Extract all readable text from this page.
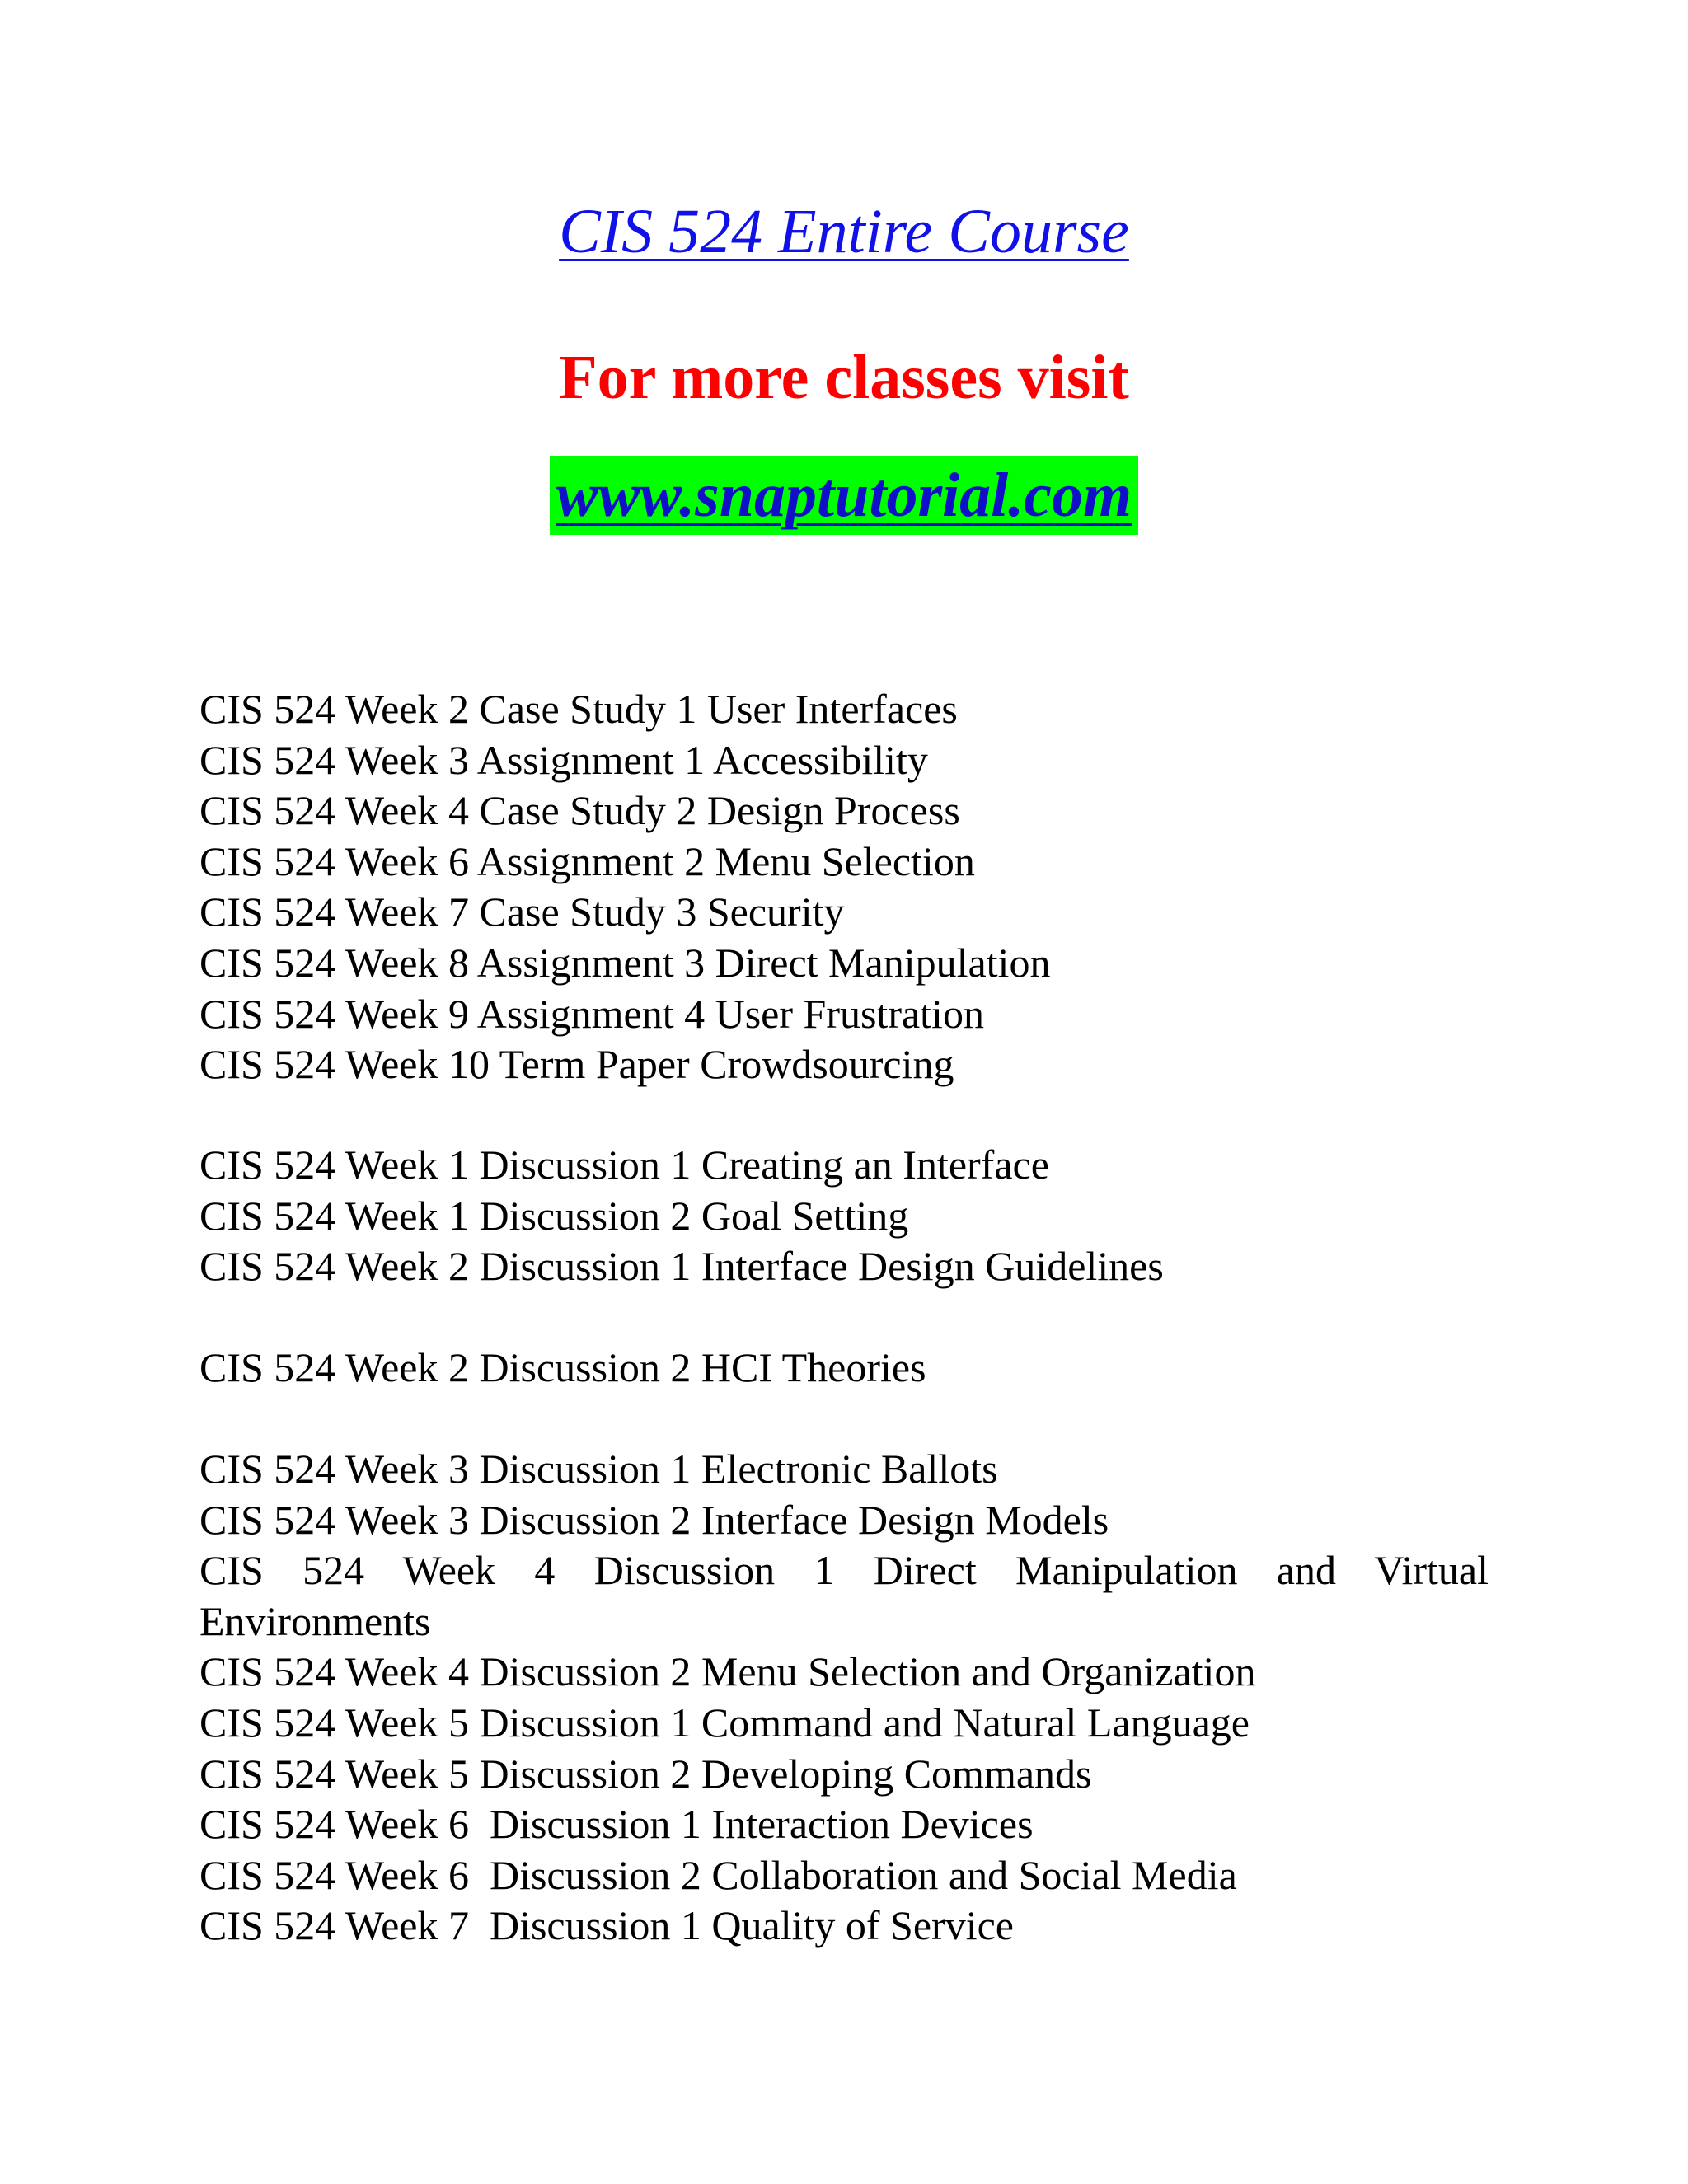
CIS 524 Entire Course
For more classes visit
www.snaptutorial.com
CIS 524 Week 2 Case Study 1 User Interfaces
CIS 524 Week 3 Assignment 1 Accessibility
CIS 524 Week 4 Case Study 2 Design Process
CIS 524 Week 6 Assignment 2 Menu Selection
CIS 524 Week 7 Case Study 3 Security
CIS 524 Week 8 Assignment 3 Direct Manipulation
CIS 524 Week 9 Assignment 4 User Frustration
CIS 524 Week 10 Term Paper Crowdsourcing
CIS 524 Week 1 Discussion 1 Creating an Interface
CIS 524 Week 1 Discussion 2 Goal Setting
CIS 524 Week 2 Discussion 1 Interface Design Guidelines
CIS 524 Week 2 Discussion 2 HCI Theories
CIS 524 Week 3 Discussion 1 Electronic Ballots
CIS 524 Week 3 Discussion 2 Interface Design Models
CIS 524 Week 4 Discussion 1 Direct Manipulation and Virtual
Environments
CIS 524 Week 4 Discussion 2 Menu Selection and Organization
CIS 524 Week 5 Discussion 1 Command and Natural Language
CIS 524 Week 5 Discussion 2 Developing Commands
CIS 524 Week 6  Discussion 1 Interaction Devices
CIS 524 Week 6  Discussion 2 Collaboration and Social Media
CIS 524 Week 7  Discussion 1 Quality of Service
